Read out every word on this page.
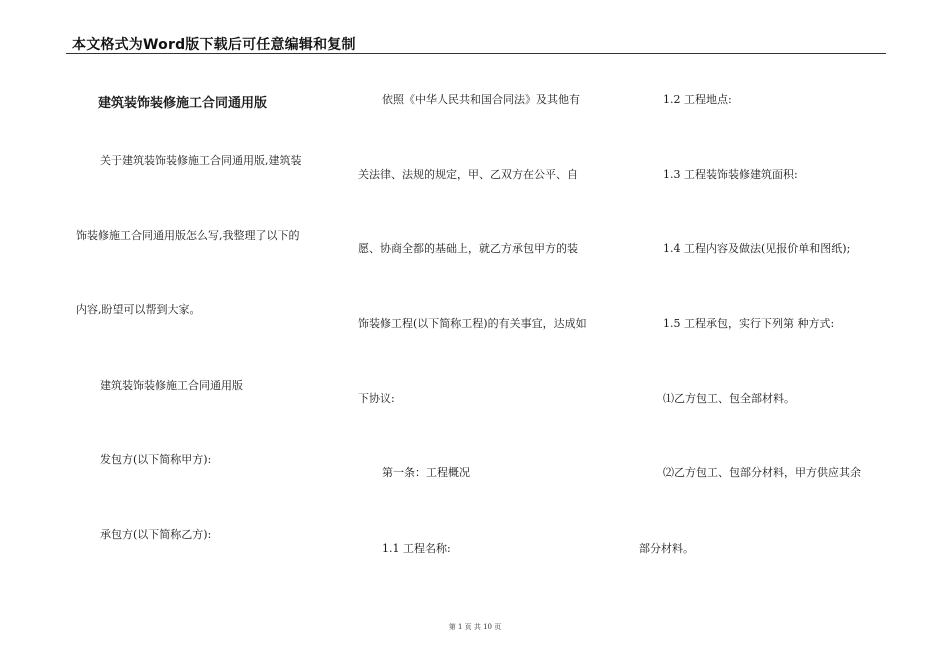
本文格式为Word版下载后可任意编辑和复制
建筑装饰装修施工合同通用版
关于建筑装饰装修施工合同通用版,建筑装
饰装修施工合同通用版怎么写,我整理了以下的
内容,盼望可以帮到大家。
建筑装饰装修施工合同通用版
发包方(以下简称甲方):
承包方(以下简称乙方):
依照《中华人民共和国合同法》及其他有
关法律、法规的规定，甲、乙双方在公平、自
愿、协商全都的基础上，就乙方承包甲方的装
饰装修工程(以下简称工程)的有关事宜，达成如
下协议:
第一条：工程概况
1.1 工程名称:
1.2 工程地点:
1.3 工程装饰装修建筑面积:
1.4 工程内容及做法(见报价单和图纸);
1.5 工程承包，实行下列第 种方式:
⑴乙方包工、包全部材料。
⑵乙方包工、包部分材料，甲方供应其余
部分材料。
第 1 页 共 10 页
